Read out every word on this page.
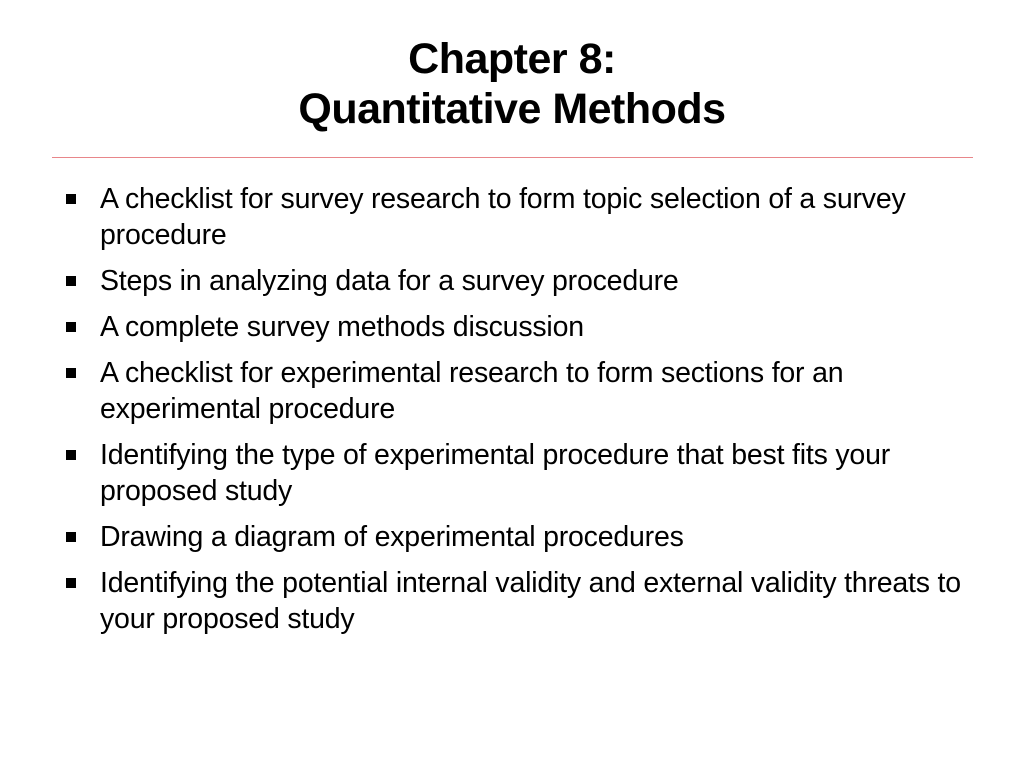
Chapter 8:
Quantitative Methods
A checklist for survey research to form topic selection of a survey procedure
Steps in analyzing data for a survey procedure
A complete survey methods discussion
A checklist for experimental research to form sections for an experimental procedure
Identifying the type of experimental procedure that best fits your proposed study
Drawing a diagram of experimental procedures
Identifying the potential internal validity and external validity threats to your proposed study
